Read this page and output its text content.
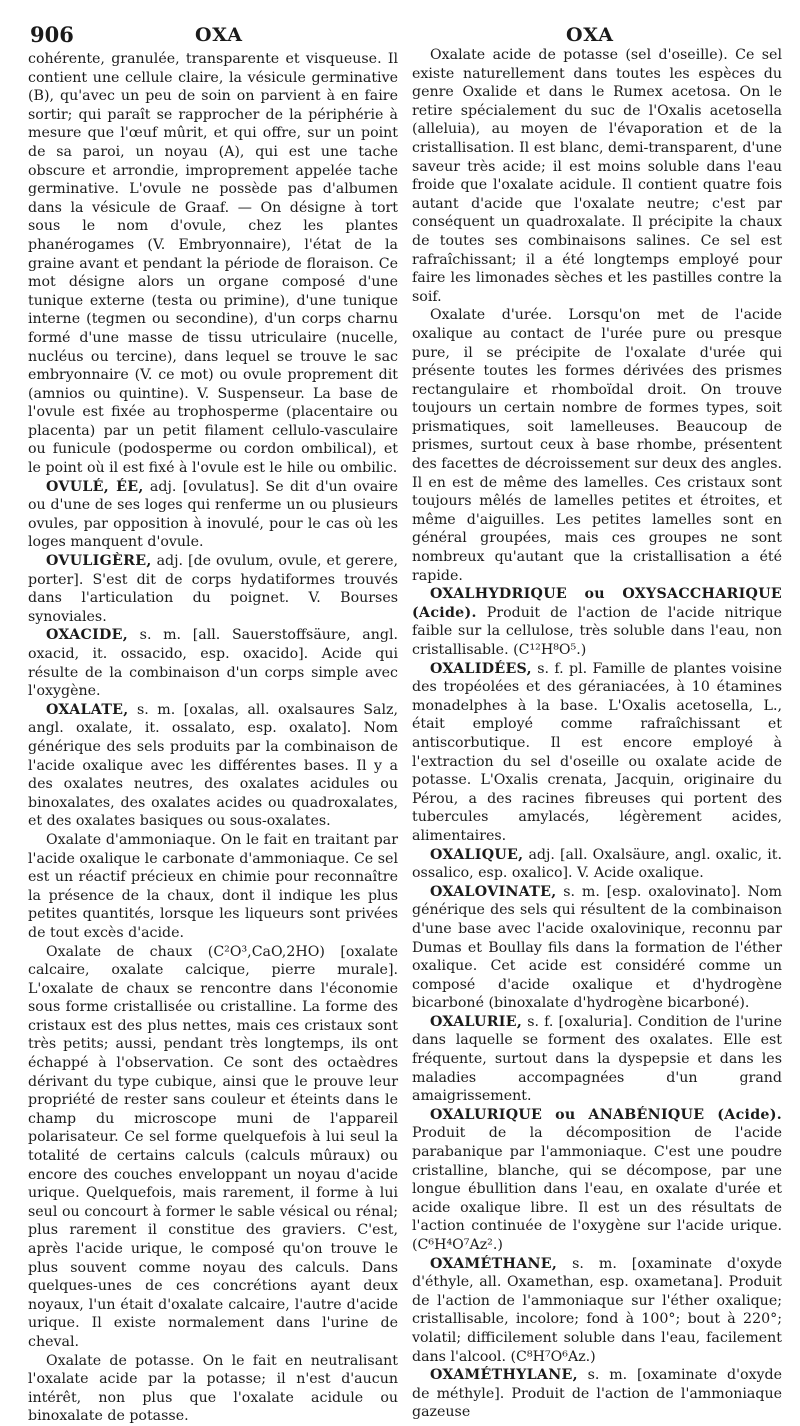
906	OXA	OXA

cohérente, granulée, transparente et visqueuse. Il contient une cellule claire, la vésicule germinative (B), qu'avec un peu de soin on parvient à en faire sortir; qui paraît se rapprocher de la périphérie à mesure que l'œuf mûrit, et qui offre, sur un point de sa paroi, un noyau (A), qui est une tache obscure et arrondie, improprement appelée tache germinative. L'ovule ne possède pas d'albumen dans la vésicule de Graaf. — On désigne à tort sous le nom d'ovule, chez les plantes phanérogames (V. Embryonnaire), l'état de la graine avant et pendant la période de floraison. Ce mot désigne alors un organe composé d'une tunique externe (testa ou primine), d'une tunique interne (tegmen ou secondine), d'un corps charnu formé d'une masse de tissu utriculaire (nucelle, nucléus ou tercine), dans lequel se trouve le sac embryonnaire (V. ce mot) ou ovule proprement dit (amnios ou quintine). V. Suspenseur. La base de l'ovule est fixée au trophosperme (placentaire ou placenta) par un petit filament cellulo-vasculaire ou funicule (podosperme ou cordon ombilical), et le point où il est fixé à l'ovule est le hile ou ombilic.

OVULÉ, ÉE, adj. [ovulatus]. Se dit d'un ovaire ou d'une de ses loges qui renferme un ou plusieurs ovules, par opposition à inovulé, pour le cas où les loges manquent d'ovule.

OVULIGÈRE, adj. [de ovulum, ovule, et gerere, porter]. S'est dit de corps hydatiformes trouvés dans l'articulation du poignet. V. Bourses synoviales.

OXACIDE, s. m. [all. Sauerstoffsäure, angl. oxacid, it. ossacido, esp. oxacido]. Acide qui résulte de la combinaison d'un corps simple avec l'oxygène.

OXALATE, s. m. [oxalas, all. oxalsaures Salz, angl. oxalate, it. ossalato, esp. oxalato]. Nom générique des sels produits par la combinaison de l'acide oxalique avec les différentes bases. Il y a des oxalates neutres, des oxalates acidules ou binoxalates, des oxalates acides ou quadroxalates, et des oxalates basiques ou sous-oxalates.

Oxalate d'ammoniaque. On le fait en traitant par l'acide oxalique le carbonate d'ammoniaque. Ce sel est un réactif précieux en chimie pour reconnaître la présence de la chaux, dont il indique les plus petites quantités, lorsque les liqueurs sont privées de tout excès d'acide.

Oxalate de chaux (C²O³,CaO,2HO) [oxalate calcaire, oxalate calcique, pierre murale]. L'oxalate de chaux se rencontre dans l'économie sous forme cristallisée ou cristalline. La forme des cristaux est des plus nettes, mais ces cristaux sont très petits; aussi, pendant très longtemps, ils ont échappé à l'observation. Ce sont des octaèdres dérivant du type cubique, ainsi que le prouve leur propriété de rester sans couleur et éteints dans le champ du microscope muni de l'appareil polarisateur. Ce sel forme quelquefois à lui seul la totalité de certains calculs (calculs mûraux) ou encore des couches enveloppant un noyau d'acide urique. Quelquefois, mais rarement, il forme à lui seul ou concourt à former le sable vésical ou rénal; plus rarement il constitue des graviers. C'est, après l'acide urique, le composé qu'on trouve le plus souvent comme noyau des calculs. Dans quelques-unes de ces concrétions ayant deux noyaux, l'un était d'oxalate calcaire, l'autre d'acide urique. Il existe normalement dans l'urine de cheval.

Oxalate de potasse. On le fait en neutralisant l'oxalate acide par la potasse; il n'est d'aucun intérêt, non plus que l'oxalate acidule ou binoxalate de potasse.

Oxalate acide de potasse (sel d'oseille). Ce sel existe naturellement dans toutes les espèces du genre Oxalide et dans le Rumex acetosa. On le retire spécialement du suc de l'Oxalis acetosella (alleluia), au moyen de l'évaporation et de la cristallisation. Il est blanc, demi-transparent, d'une saveur très acide; il est moins soluble dans l'eau froide que l'oxalate acidule. Il contient quatre fois autant d'acide que l'oxalate neutre; c'est par conséquent un quadroxalate. Il précipite la chaux de toutes ses combinaisons salines. Ce sel est rafraîchissant; il a été longtemps employé pour faire les limonades sèches et les pastilles contre la soif.

Oxalate d'urée. Lorsqu'on met de l'acide oxalique au contact de l'urée pure ou presque pure, il se précipite de l'oxalate d'urée qui présente toutes les formes dérivées des prismes rectangulaire et rhomboïdal droit. On trouve toujours un certain nombre de formes types, soit prismatiques, soit lamelleuses. Beaucoup de prismes, surtout ceux à base rhombe, présentent des facettes de décroissement sur deux des angles. Il en est de même des lamelles. Ces cristaux sont toujours mêlés de lamelles petites et étroites, et même d'aiguilles. Les petites lamelles sont en général groupées, mais ces groupes ne sont nombreux qu'autant que la cristallisation a été rapide.

OXALHYDRIQUE ou OXYSACCHARIQUE (Acide). Produit de l'action de l'acide nitrique faible sur la cellulose, très soluble dans l'eau, non cristallisable. (C¹²H⁸O⁵.)

OXALIDÉES, s. f. pl. Famille de plantes voisine des tropéolées et des géraniacées, à 10 étamines monadelphes à la base. L'Oxalis acetosella, L., était employé comme rafraîchissant et antiscorbutique. Il est encore employé à l'extraction du sel d'oseille ou oxalate acide de potasse. L'Oxalis crenata, Jacquin, originaire du Pérou, a des racines fibreuses qui portent des tubercules amylacés, légèrement acides, alimentaires.

OXALIQUE, adj. [all. Oxalsäure, angl. oxalic, it. ossalico, esp. oxalico]. V. Acide oxalique.

OXALOVINATE, s. m. [esp. oxalovinato]. Nom générique des sels qui résultent de la combinaison d'une base avec l'acide oxalovinique, reconnu par Dumas et Boullay fils dans la formation de l'éther oxalique. Cet acide est considéré comme un composé d'acide oxalique et d'hydrogène bicarboné (binoxalate d'hydrogène bicarboné).

OXALURIE, s. f. [oxaluria]. Condition de l'urine dans laquelle se forment des oxalates. Elle est fréquente, surtout dans la dyspepsie et dans les maladies accompagnées d'un grand amaigrissement.

OXALURIQUE ou ANABÉNIQUE (Acide). Produit de la décomposition de l'acide parabanique par l'ammoniaque. C'est une poudre cristalline, blanche, qui se décompose, par une longue ébullition dans l'eau, en oxalate d'urée et acide oxalique libre. Il est un des résultats de l'action continuée de l'oxygène sur l'acide urique. (C⁶H⁴O⁷Az².)

OXAMÉTHANE, s. m. [oxaminate d'oxyde d'éthyle, all. Oxamethan, esp. oxametana]. Produit de l'action de l'ammoniaque sur l'éther oxalique; cristallisable, incolore; fond à 100°; bout à 220°; volatil; difficilement soluble dans l'eau, facilement dans l'alcool. (C⁸H⁷O⁶Az.)

OXAMÉTHYLANE, s. m. [oxaminate d'oxyde de méthyle]. Produit de l'action de l'ammoniaque gazeuse
